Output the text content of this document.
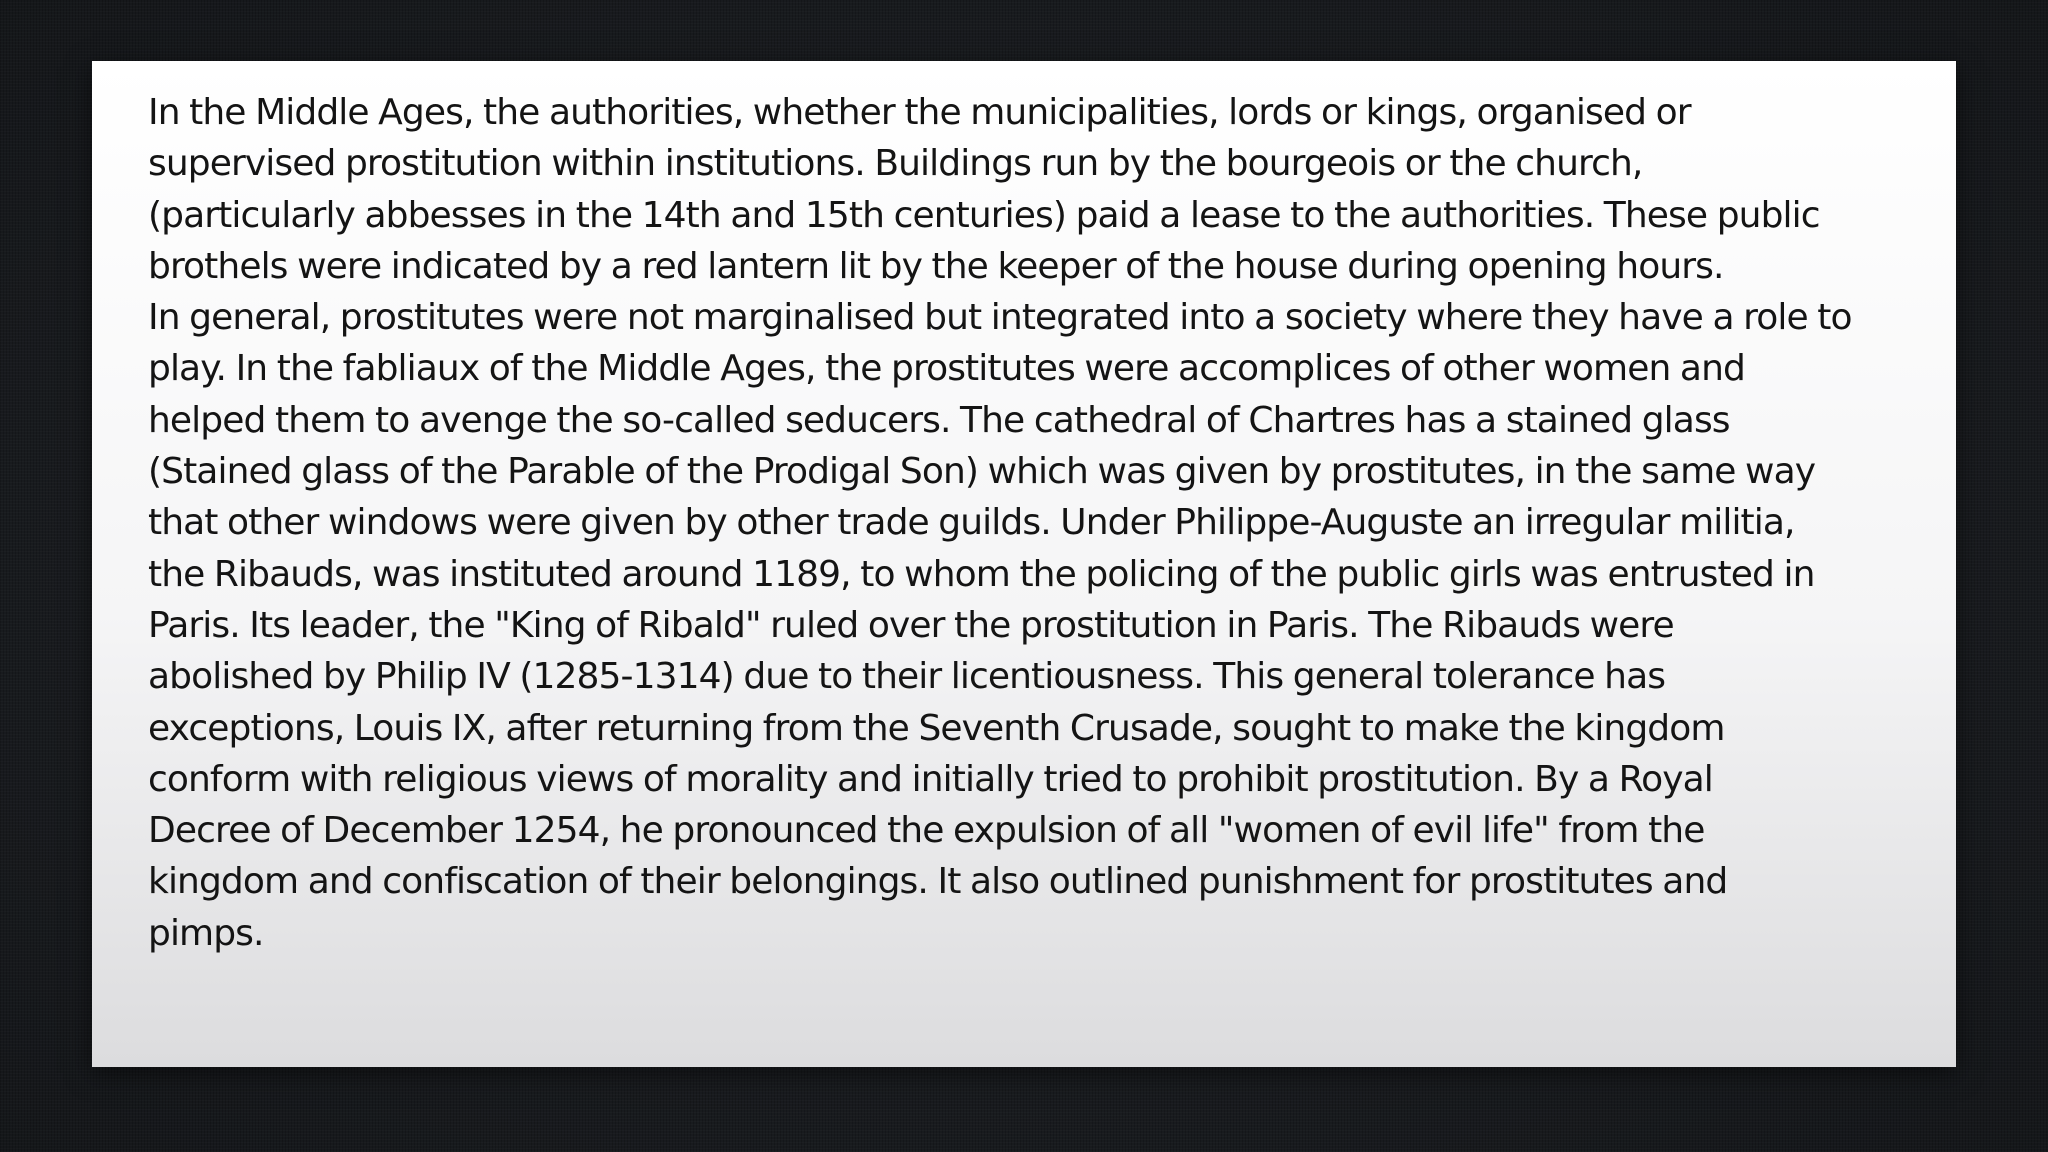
In the Middle Ages, the authorities, whether the municipalities, lords or kings, organised or
supervised prostitution within institutions. Buildings run by the bourgeois or the church,
(particularly abbesses in the 14th and 15th centuries) paid a lease to the authorities. These public
brothels were indicated by a red lantern lit by the keeper of the house during opening hours.
In general, prostitutes were not marginalised but integrated into a society where they have a role to
play. In the fabliaux of the Middle Ages, the prostitutes were accomplices of other women and
helped them to avenge the so-called seducers. The cathedral of Chartres has a stained glass
(Stained glass of the Parable of the Prodigal Son) which was given by prostitutes, in the same way
that other windows were given by other trade guilds. Under Philippe-Auguste an irregular militia,
the Ribauds, was instituted around 1189, to whom the policing of the public girls was entrusted in
Paris. Its leader, the "King of Ribald" ruled over the prostitution in Paris. The Ribauds were
abolished by Philip IV (1285-1314) due to their licentiousness. This general tolerance has
exceptions, Louis IX, after returning from the Seventh Crusade, sought to make the kingdom
conform with religious views of morality and initially tried to prohibit prostitution. By a Royal
Decree of December 1254, he pronounced the expulsion of all "women of evil life" from the
kingdom and confiscation of their belongings. It also outlined punishment for prostitutes and
pimps.
